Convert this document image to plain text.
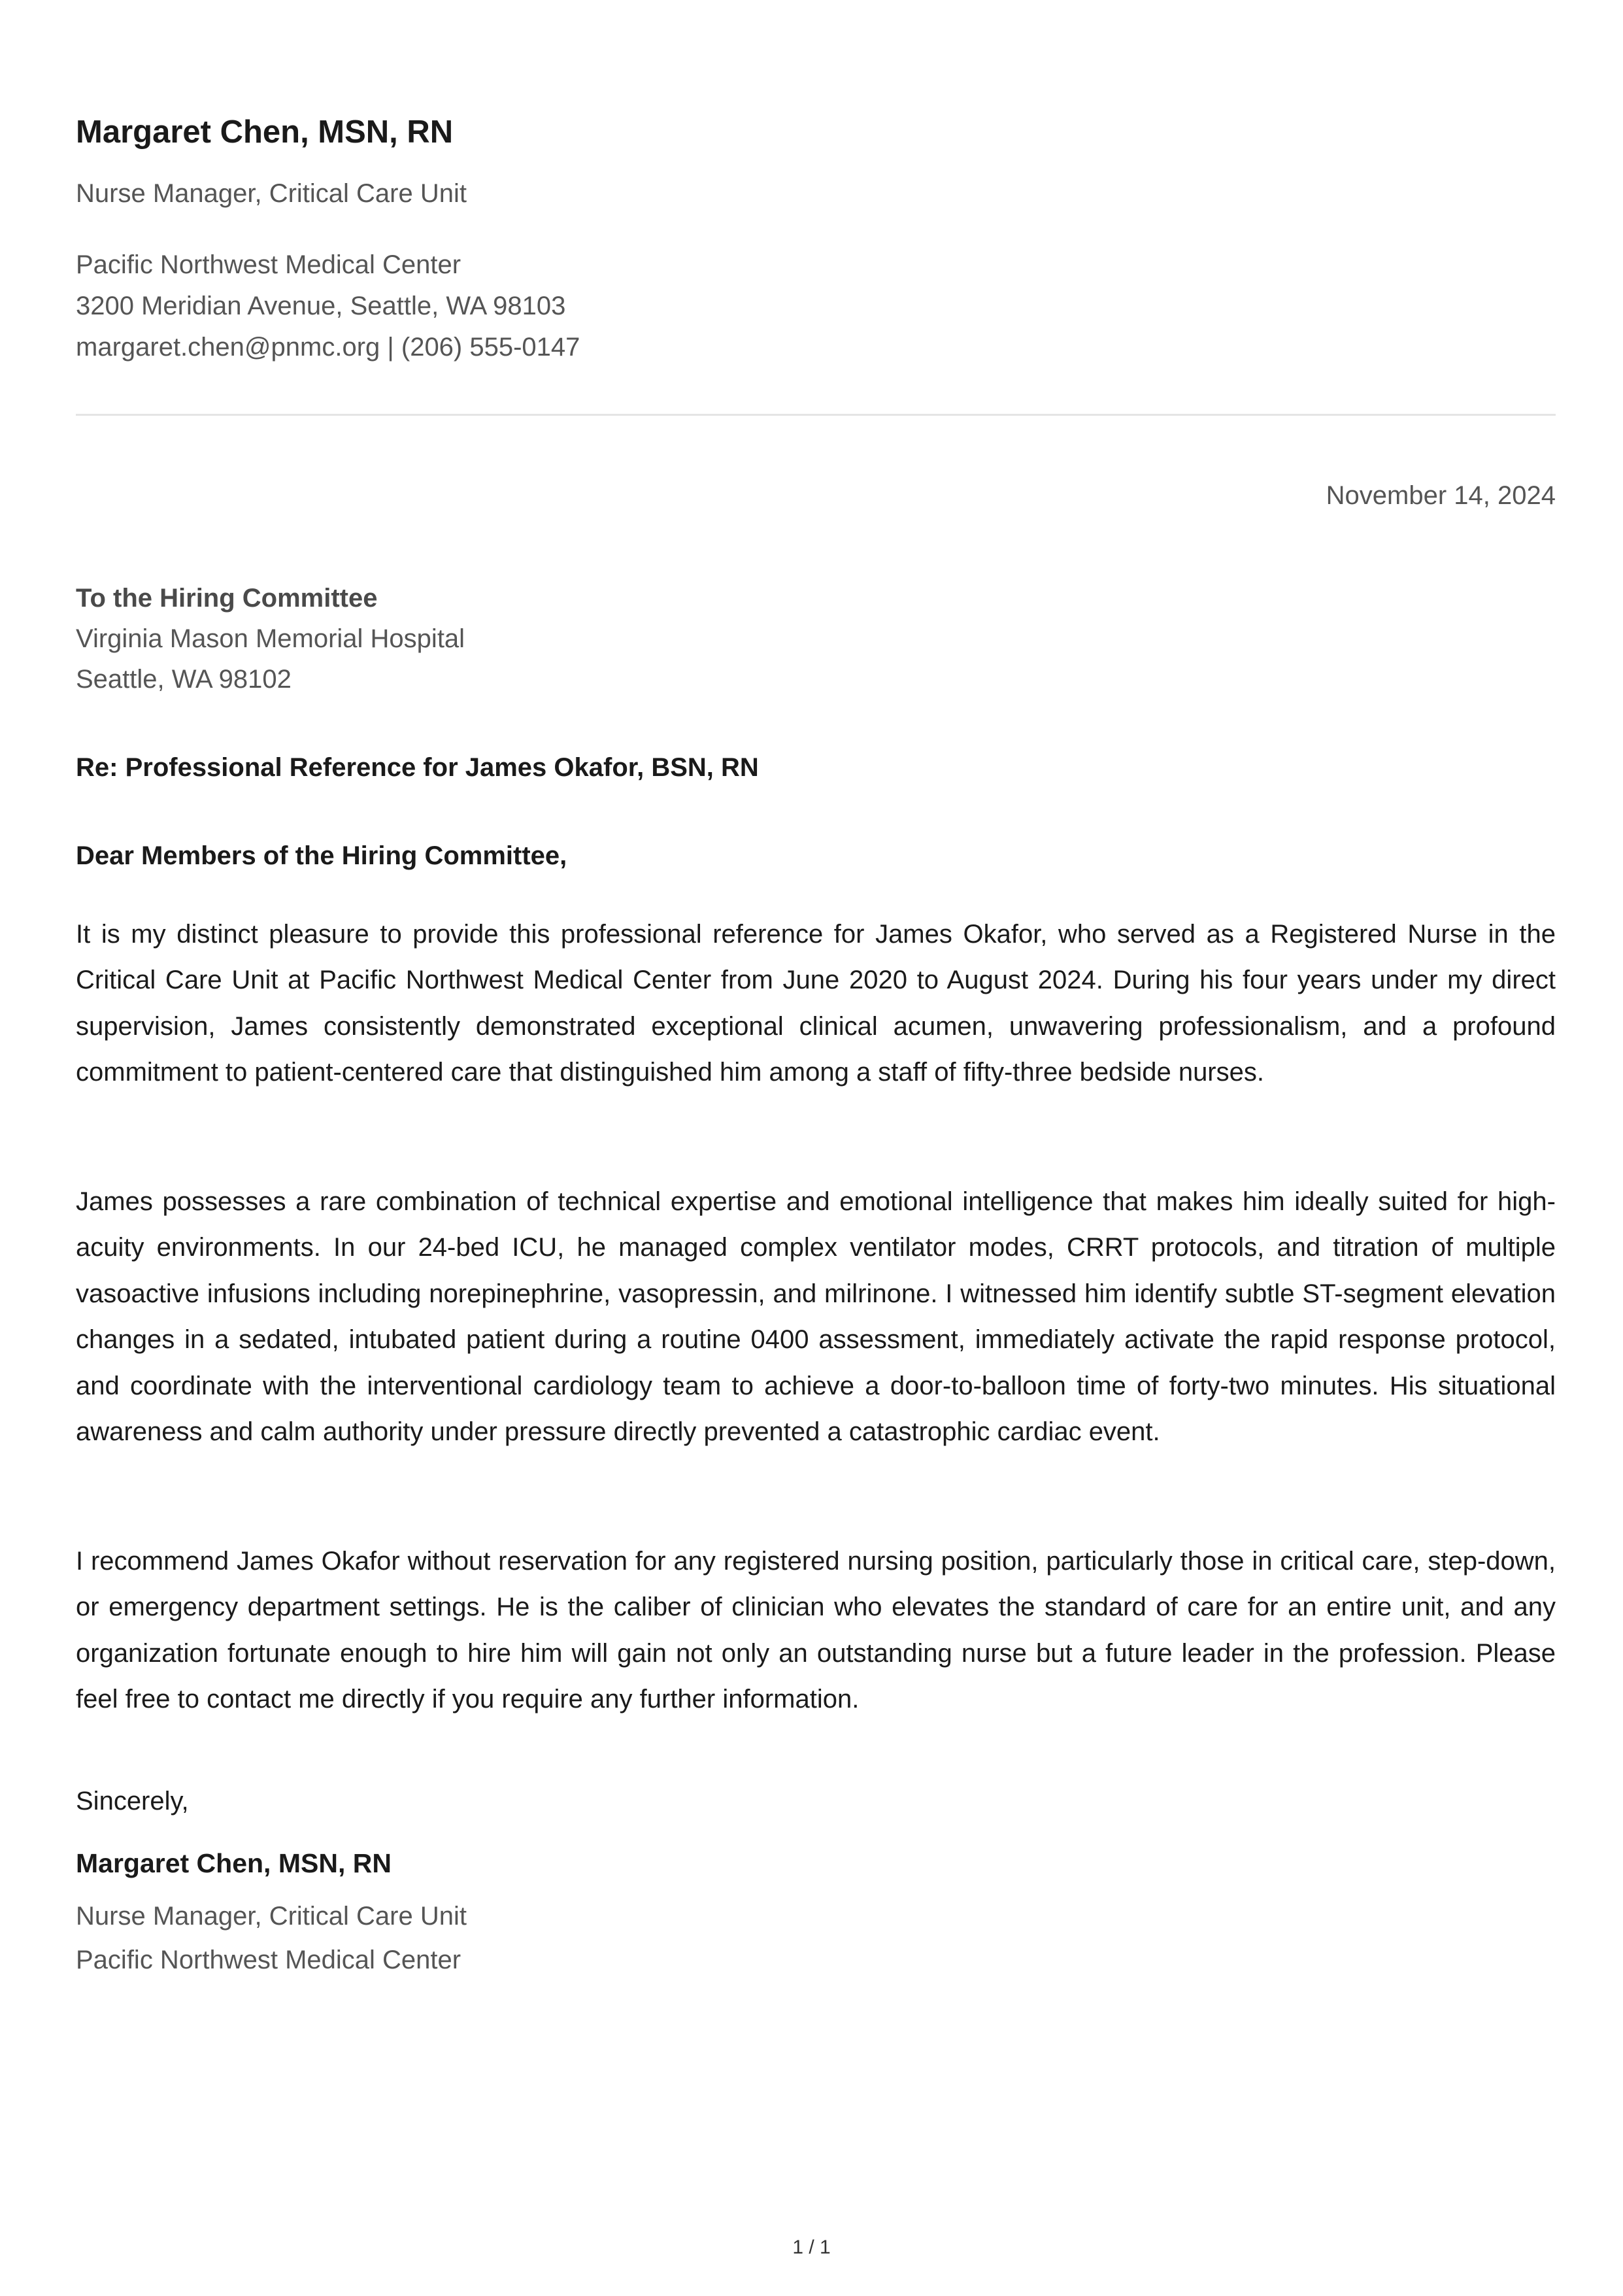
Margaret Chen, MSN, RN
Nurse Manager, Critical Care Unit
Pacific Northwest Medical Center
3200 Meridian Avenue, Seattle, WA 98103
margaret.chen@pnmc.org | (206) 555-0147
November 14, 2024
To the Hiring Committee
Virginia Mason Memorial Hospital
Seattle, WA 98102
Re: Professional Reference for James Okafor, BSN, RN
Dear Members of the Hiring Committee,

It is my distinct pleasure to provide this professional reference for James Okafor, who served as a Registered Nurse in the Critical Care Unit at Pacific Northwest Medical Center from June 2020 to August 2024. During his four years under my direct supervision, James consistently demonstrated exceptional clinical acumen, unwavering professionalism, and a profound commitment to patient-centered care that distinguished him among a staff of fifty-three bedside nurses.

James possesses a rare combination of technical expertise and emotional intelligence that makes him ideally suited for high-acuity environments. In our 24-bed ICU, he managed complex ventilator modes, CRRT protocols, and titration of multiple vasoactive infusions including norepinephrine, vasopressin, and milrinone. I witnessed him identify subtle ST-segment elevation changes in a sedated, intubated patient during a routine 0400 assessment, immediately activate the rapid response protocol, and coordinate with the interventional cardiology team to achieve a door-to-balloon time of forty-two minutes. His situational awareness and calm authority under pressure directly prevented a catastrophic cardiac event.

I recommend James Okafor without reservation for any registered nursing position, particularly those in critical care, step-down, or emergency department settings. He is the caliber of clinician who elevates the standard of care for an entire unit, and any organization fortunate enough to hire him will gain not only an outstanding nurse but a future leader in the profession. Please feel free to contact me directly if you require any further information.

Sincerely,
Margaret Chen, MSN, RN
Nurse Manager, Critical Care Unit
Pacific Northwest Medical Center
1 / 1
